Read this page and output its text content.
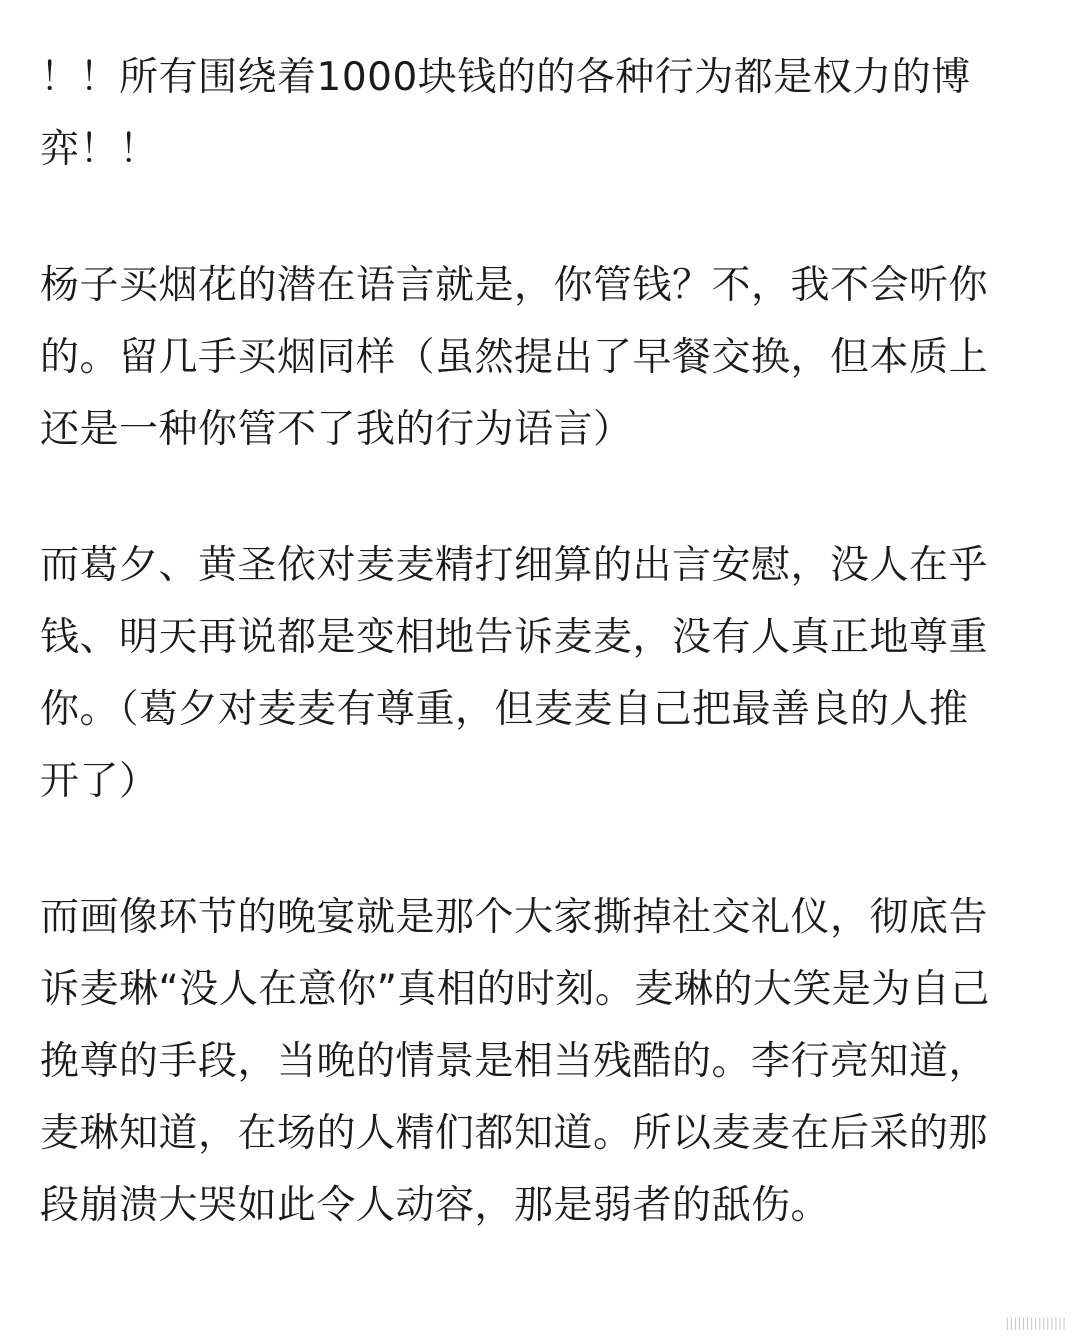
！！所有围绕着1000块钱的的各种行为都是权力的博
弈！！

杨子买烟花的潜在语言就是，你管钱？不，我不会听你
的。留几手买烟同样（虽然提出了早餐交换，但本质上
还是一种你管不了我的行为语言）

而葛夕、黄圣依对麦麦精打细算的出言安慰，没人在乎
钱、明天再说都是变相地告诉麦麦，没有人真正地尊重
你。（葛夕对麦麦有尊重，但麦麦自己把最善良的人推
开了）

而画像环节的晚宴就是那个大家撕掉社交礼仪，彻底告
诉麦琳“没人在意你”真相的时刻。麦琳的大笑是为自己
挽尊的手段，当晚的情景是相当残酷的。李行亮知道，
麦琳知道，在场的人精们都知道。所以麦麦在后采的那
段崩溃大哭如此令人动容，那是弱者的舐伤。

|||||||||||||||
